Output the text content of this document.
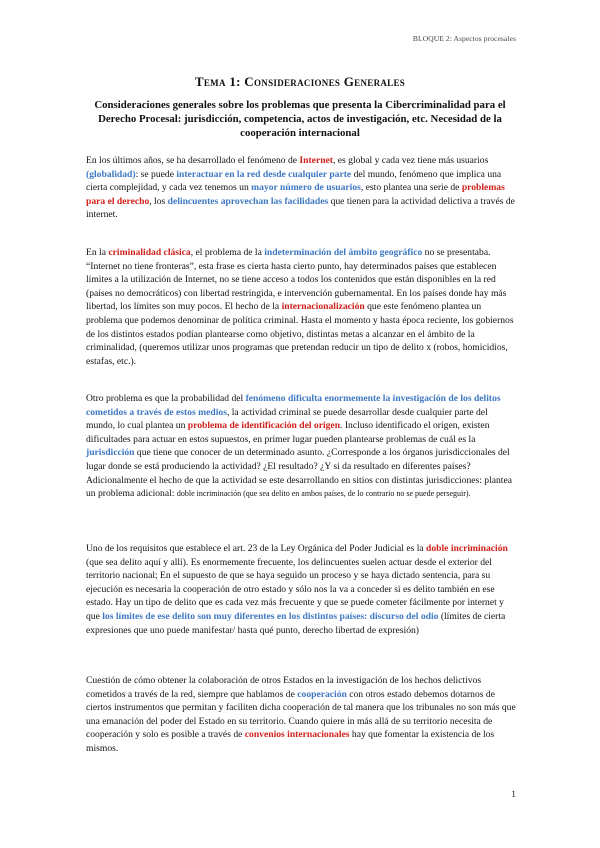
BLOQUE 2: Aspectos procesales
Tema 1: Consideraciones Generales
Consideraciones generales sobre los problemas que presenta la Cibercriminalidad para el Derecho Procesal: jurisdicción, competencia, actos de investigación, etc. Necesidad de la cooperación internacional
En los últimos años, se ha desarrollado el fenómeno de Internet, es global y cada vez tiene más usuarios (globalidad): se puede interactuar en la red desde cualquier parte del mundo, fenómeno que implica una cierta complejidad, y cada vez tenemos un mayor número de usuarios, esto plantea una serie de problemas para el derecho, los delincuentes aprovechan las facilidades que tienen para la actividad delictiva a través de internet.
En la criminalidad clásica, el problema de la indeterminación del ámbito geográfico no se presentaba. “Internet no tiene fronteras”, esta frase es cierta hasta cierto punto, hay determinados países que establecen límites a la utilización de Internet, no se tiene acceso a todos los contenidos que están disponibles en la red (países no democráticos) con libertad restringida, e intervención gubernamental. En los países donde hay más libertad, los límites son muy pocos. El hecho de la internacionalización que este fenómeno plantea un problema que podemos denominar de política criminal. Hasta el momento y hasta época reciente, los gobiernos de los distintos estados podían plantearse como objetivo, distintas metas a alcanzar en el ámbito de la criminalidad, (queremos utilizar unos programas que pretendan reducir un tipo de delito x (robos, homicidios, estafas, etc.).
Otro problema es que la probabilidad del fenómeno dificulta enormemente la investigación de los delitos cometidos a través de estos medios, la actividad criminal se puede desarrollar desde cualquier parte del mundo, lo cual plantea un problema de identificación del origen. Incluso identificado el origen, existen dificultades para actuar en estos supuestos, en primer lugar pueden plantearse problemas de cuál es la jurisdicción que tiene que conocer de un determinado asunto. ¿Corresponde a los órganos jurisdiccionales del lugar donde se está produciendo la actividad? ¿El resultado? ¿Y si da resultado en diferentes países? Adicionalmente el hecho de que la actividad se este desarrollando en sitios con distintas jurisdicciones: plantea un problema adicional: doble incriminación (que sea delito en ambos países, de lo contrario no se puede perseguir).
Uno de los requisitos que establece el art. 23 de la Ley Orgánica del Poder Judicial es la doble incriminación (que sea delito aquí y allí). Es enormemente frecuente, los delincuentes suelen actuar desde el exterior del territorio nacional; En el supuesto de que se haya seguido un proceso y se haya dictado sentencia, para su ejecución es necesaria la cooperación de otro estado y sólo nos la va a conceder si es delito también en ese estado. Hay un tipo de delito que es cada vez más frecuente y que se puede cometer fácilmente por internet y que los límites de ese delito son muy diferentes en los distintos países: discurso del odio (límites de cierta expresiones que uno puede manifestar/ hasta qué punto, derecho libertad de expresión)
Cuestión de cómo obtener la colaboración de otros Estados en la investigación de los hechos delictivos cometidos a través de la red, siempre que hablamos de cooperación con otros estado debemos dotarnos de ciertos instrumentos que permitan y faciliten dicha cooperación de tal manera que los tribunales no son más que una emanación del poder del Estado en su territorio. Cuando quiere in más allá de su territorio necesita de cooperación y solo es posible a través de convenios internacionales hay que fomentar la existencia de los mismos.
1
